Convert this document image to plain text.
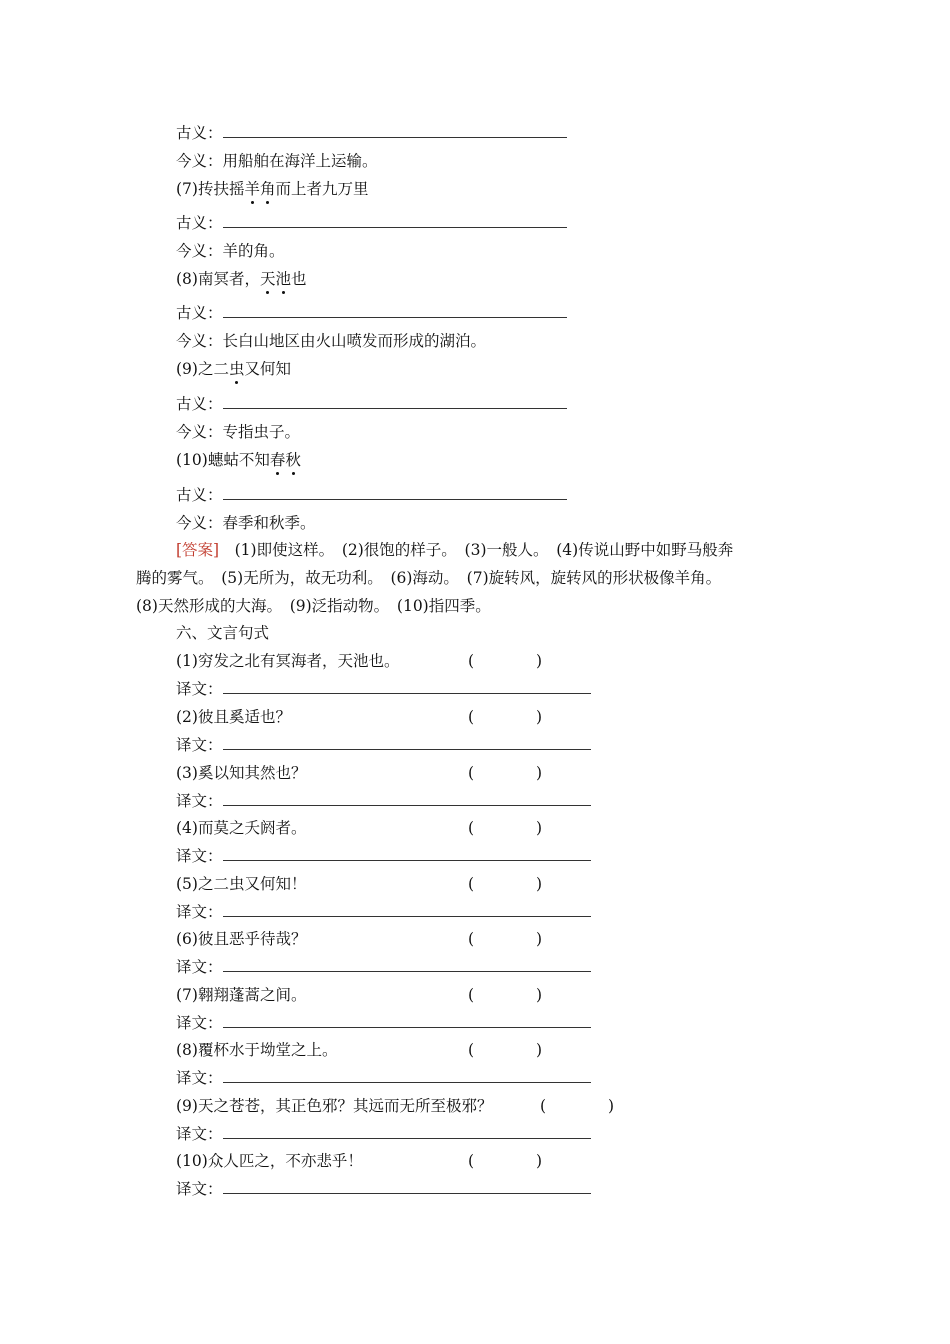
古义：
今义：用船舶在海洋上运输。
(7)抟扶摇羊角而上者九万里
古义：
今义：羊的角。
(8)南冥者，天池也
古义：
今义：长白山地区由火山喷发而形成的湖泊。
(9)之二虫又何知
古义：
今义：专指虫子。
(10)蟪蛄不知春秋
古义：
今义：春季和秋季。
[答案]　 (1)即使这样。　(2)很饱的样子。　(3)一般人。　(4)传说山野中如野马般奔
腾的雾气。　(5)无所为，故无功利。　(6)海动。　(7)旋转风，旋转风的形状极像羊角。
(8)天然形成的大海。　(9)泛指动物。　(10)指四季。
六、文言句式
(1)穷发之北有冥海者，天池也。	(　　　　)
译文：
(2)彼且奚适也？	(　　　　)
译文：
(3)奚以知其然也？	(　　　　)
译文：
(4)而莫之夭阏者。	(　　　　)
译文：
(5)之二虫又何知！	(　　　　)
译文：
(6)彼且恶乎待哉？	(　　　　)
译文：
(7)翱翔蓬蒿之间。	(　　　　)
译文：
(8)覆杯水于坳堂之上。	(　　　　)
译文：
(9)天之苍苍，其正色邪？其远而无所至极邪？	(　　　　)
译文：
(10)众人匹之，不亦悲乎！	(　　　　)
译文：
